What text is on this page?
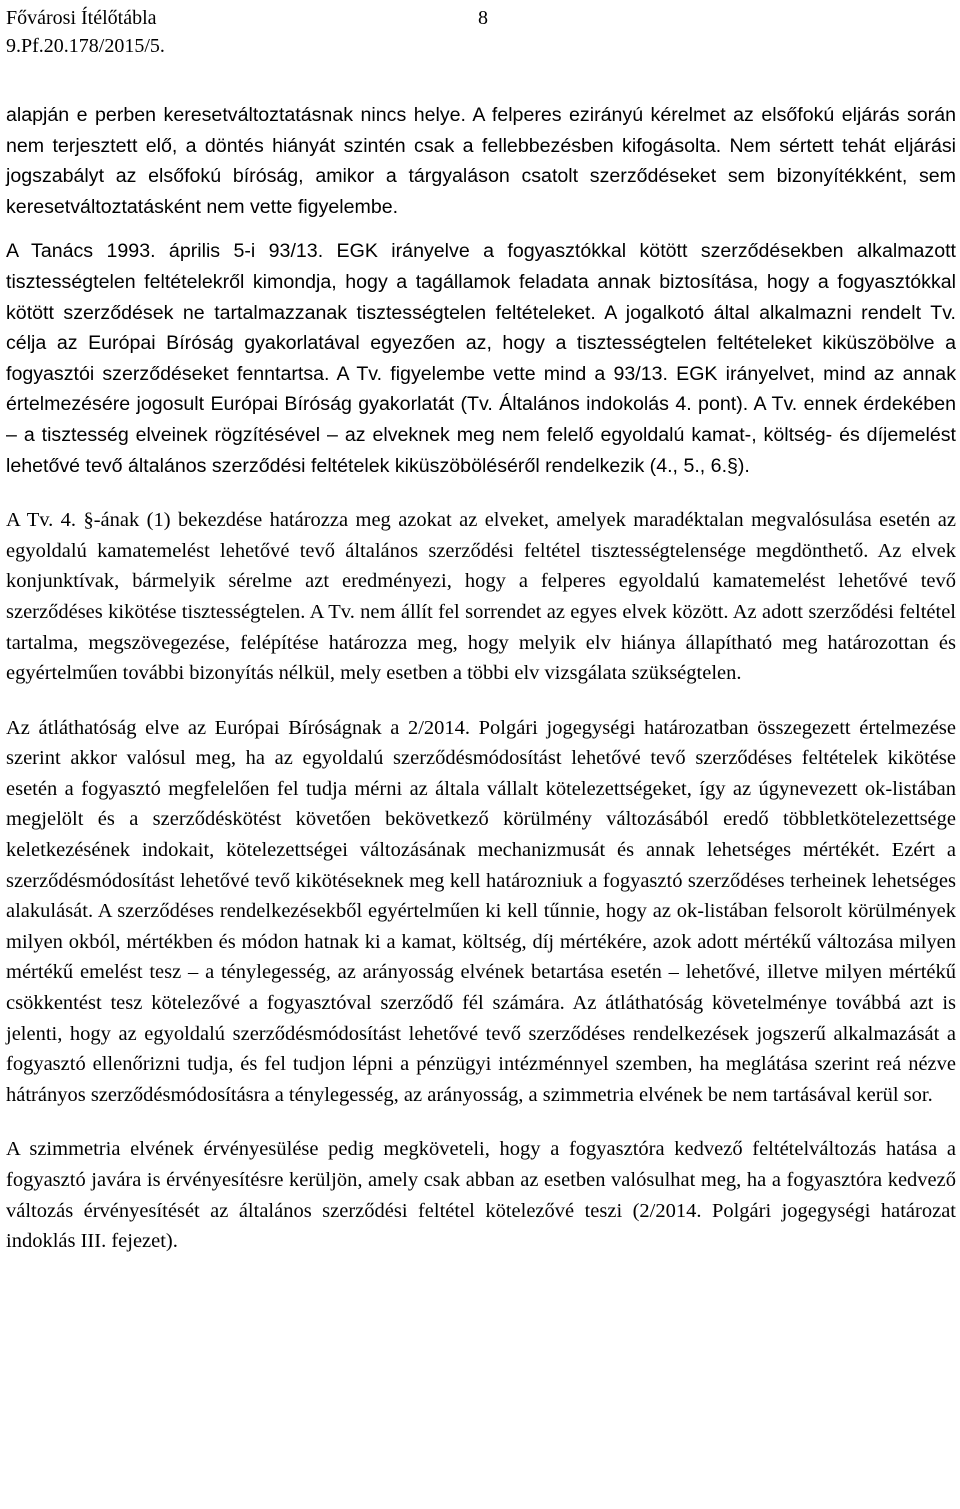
Fővárosi Ítélőtábla	8
9.Pf.20.178/2015/5.

alapján e perben keresetváltoztatásnak nincs helye. A felperes ezirányú kérelmet az elsőfokú eljárás során nem terjesztett elő, a döntés hiányát szintén csak a fellebbezésben kifogásolta. Nem sértett tehát eljárási jogszabályt az elsőfokú bíróság, amikor a tárgyaláson csatolt szerződéseket sem bizonyítékként, sem keresetváltoztatásként nem vette figyelembe.

A Tanács 1993. április 5-i 93/13. EGK irányelve a fogyasztókkal kötött szerződésekben alkalmazott tisztességtelen feltételekről kimondja, hogy a tagállamok feladata annak biztosítása, hogy a fogyasztókkal kötött szerződések ne tartalmazzanak tisztességtelen feltételeket. A jogalkotó által alkalmazni rendelt Tv. célja az Európai Bíróság gyakorlatával egyezően az, hogy a tisztességtelen feltételeket kiküszöbölve a fogyasztói szerződéseket fenntartsa. A Tv. figyelembe vette mind a 93/13. EGK irányelvet, mind az annak értelmezésére jogosult Európai Bíróság gyakorlatát (Tv. Általános indokolás 4. pont). A Tv. ennek érdekében – a tisztesség elveinek rögzítésével – az elveknek meg nem felelő egyoldalú kamat-, költség- és díjemelést lehetővé tevő általános szerződési feltételek kiküszöböléséről rendelkezik (4., 5., 6.§).

A Tv. 4. §-ának (1) bekezdése határozza meg azokat az elveket, amelyek maradéktalan megvalósulása esetén az egyoldalú kamatemelést lehetővé tevő általános szerződési feltétel tisztességtelensége megdönthető. Az elvek konjunktívak, bármelyik sérelme azt eredményezi, hogy a felperes egyoldalú kamatemelést lehetővé tevő szerződéses kikötése tisztességtelen. A Tv. nem állít fel sorrendet az egyes elvek között. Az adott szerződési feltétel tartalma, megszövegezése, felépítése határozza meg, hogy melyik elv hiánya állapítható meg határozottan és egyértelműen további bizonyítás nélkül, mely esetben a többi elv vizsgálata szükségtelen.

Az átláthatóság elve az Európai Bíróságnak a 2/2014. Polgári jogegységi határozatban összegezett értelmezése szerint akkor valósul meg, ha az egyoldalú szerződésmódosítást lehetővé tevő szerződéses feltételek kikötése esetén a fogyasztó megfelelően fel tudja mérni az általa vállalt kötelezettségeket, így az úgynevezett ok-listában megjelölt és a szerződéskötést követően bekövetkező körülmény változásából eredő többletkötelezettsége keletkezésének indokait, kötelezettségei változásának mechanizmusát és annak lehetséges mértékét. Ezért a szerződésmódosítást lehetővé tevő kikötéseknek meg kell határozniuk a fogyasztó szerződéses terheinek lehetséges alakulását. A szerződéses rendelkezésekből egyértelműen ki kell tűnnie, hogy az ok-listában felsorolt körülmények milyen okból, mértékben és módon hatnak ki a kamat, költség, díj mértékére, azok adott mértékű változása milyen mértékű emelést tesz – a ténylegesség, az arányosság elvének betartása esetén – lehetővé, illetve milyen mértékű csökkentést tesz kötelezővé a fogyasztóval szerződő fél számára. Az átláthatóság követelménye továbbá azt is jelenti, hogy az egyoldalú szerződésmódosítást lehetővé tevő szerződéses rendelkezések jogszerű alkalmazását a fogyasztó ellenőrizni tudja, és fel tudjon lépni a pénzügyi intézménnyel szemben, ha meglátása szerint reá nézve hátrányos szerződésmódosításra a ténylegesség, az arányosság, a szimmetria elvének be nem tartásával kerül sor.

A szimmetria elvének érvényesülése pedig megköveteli, hogy a fogyasztóra kedvező feltételváltozás hatása a fogyasztó javára is érvényesítésre kerüljön, amely csak abban az esetben valósulhat meg, ha a fogyasztóra kedvező változás érvényesítését az általános szerződési feltétel kötelezővé teszi (2/2014. Polgári jogegységi határozat indoklás III. fejezet).
